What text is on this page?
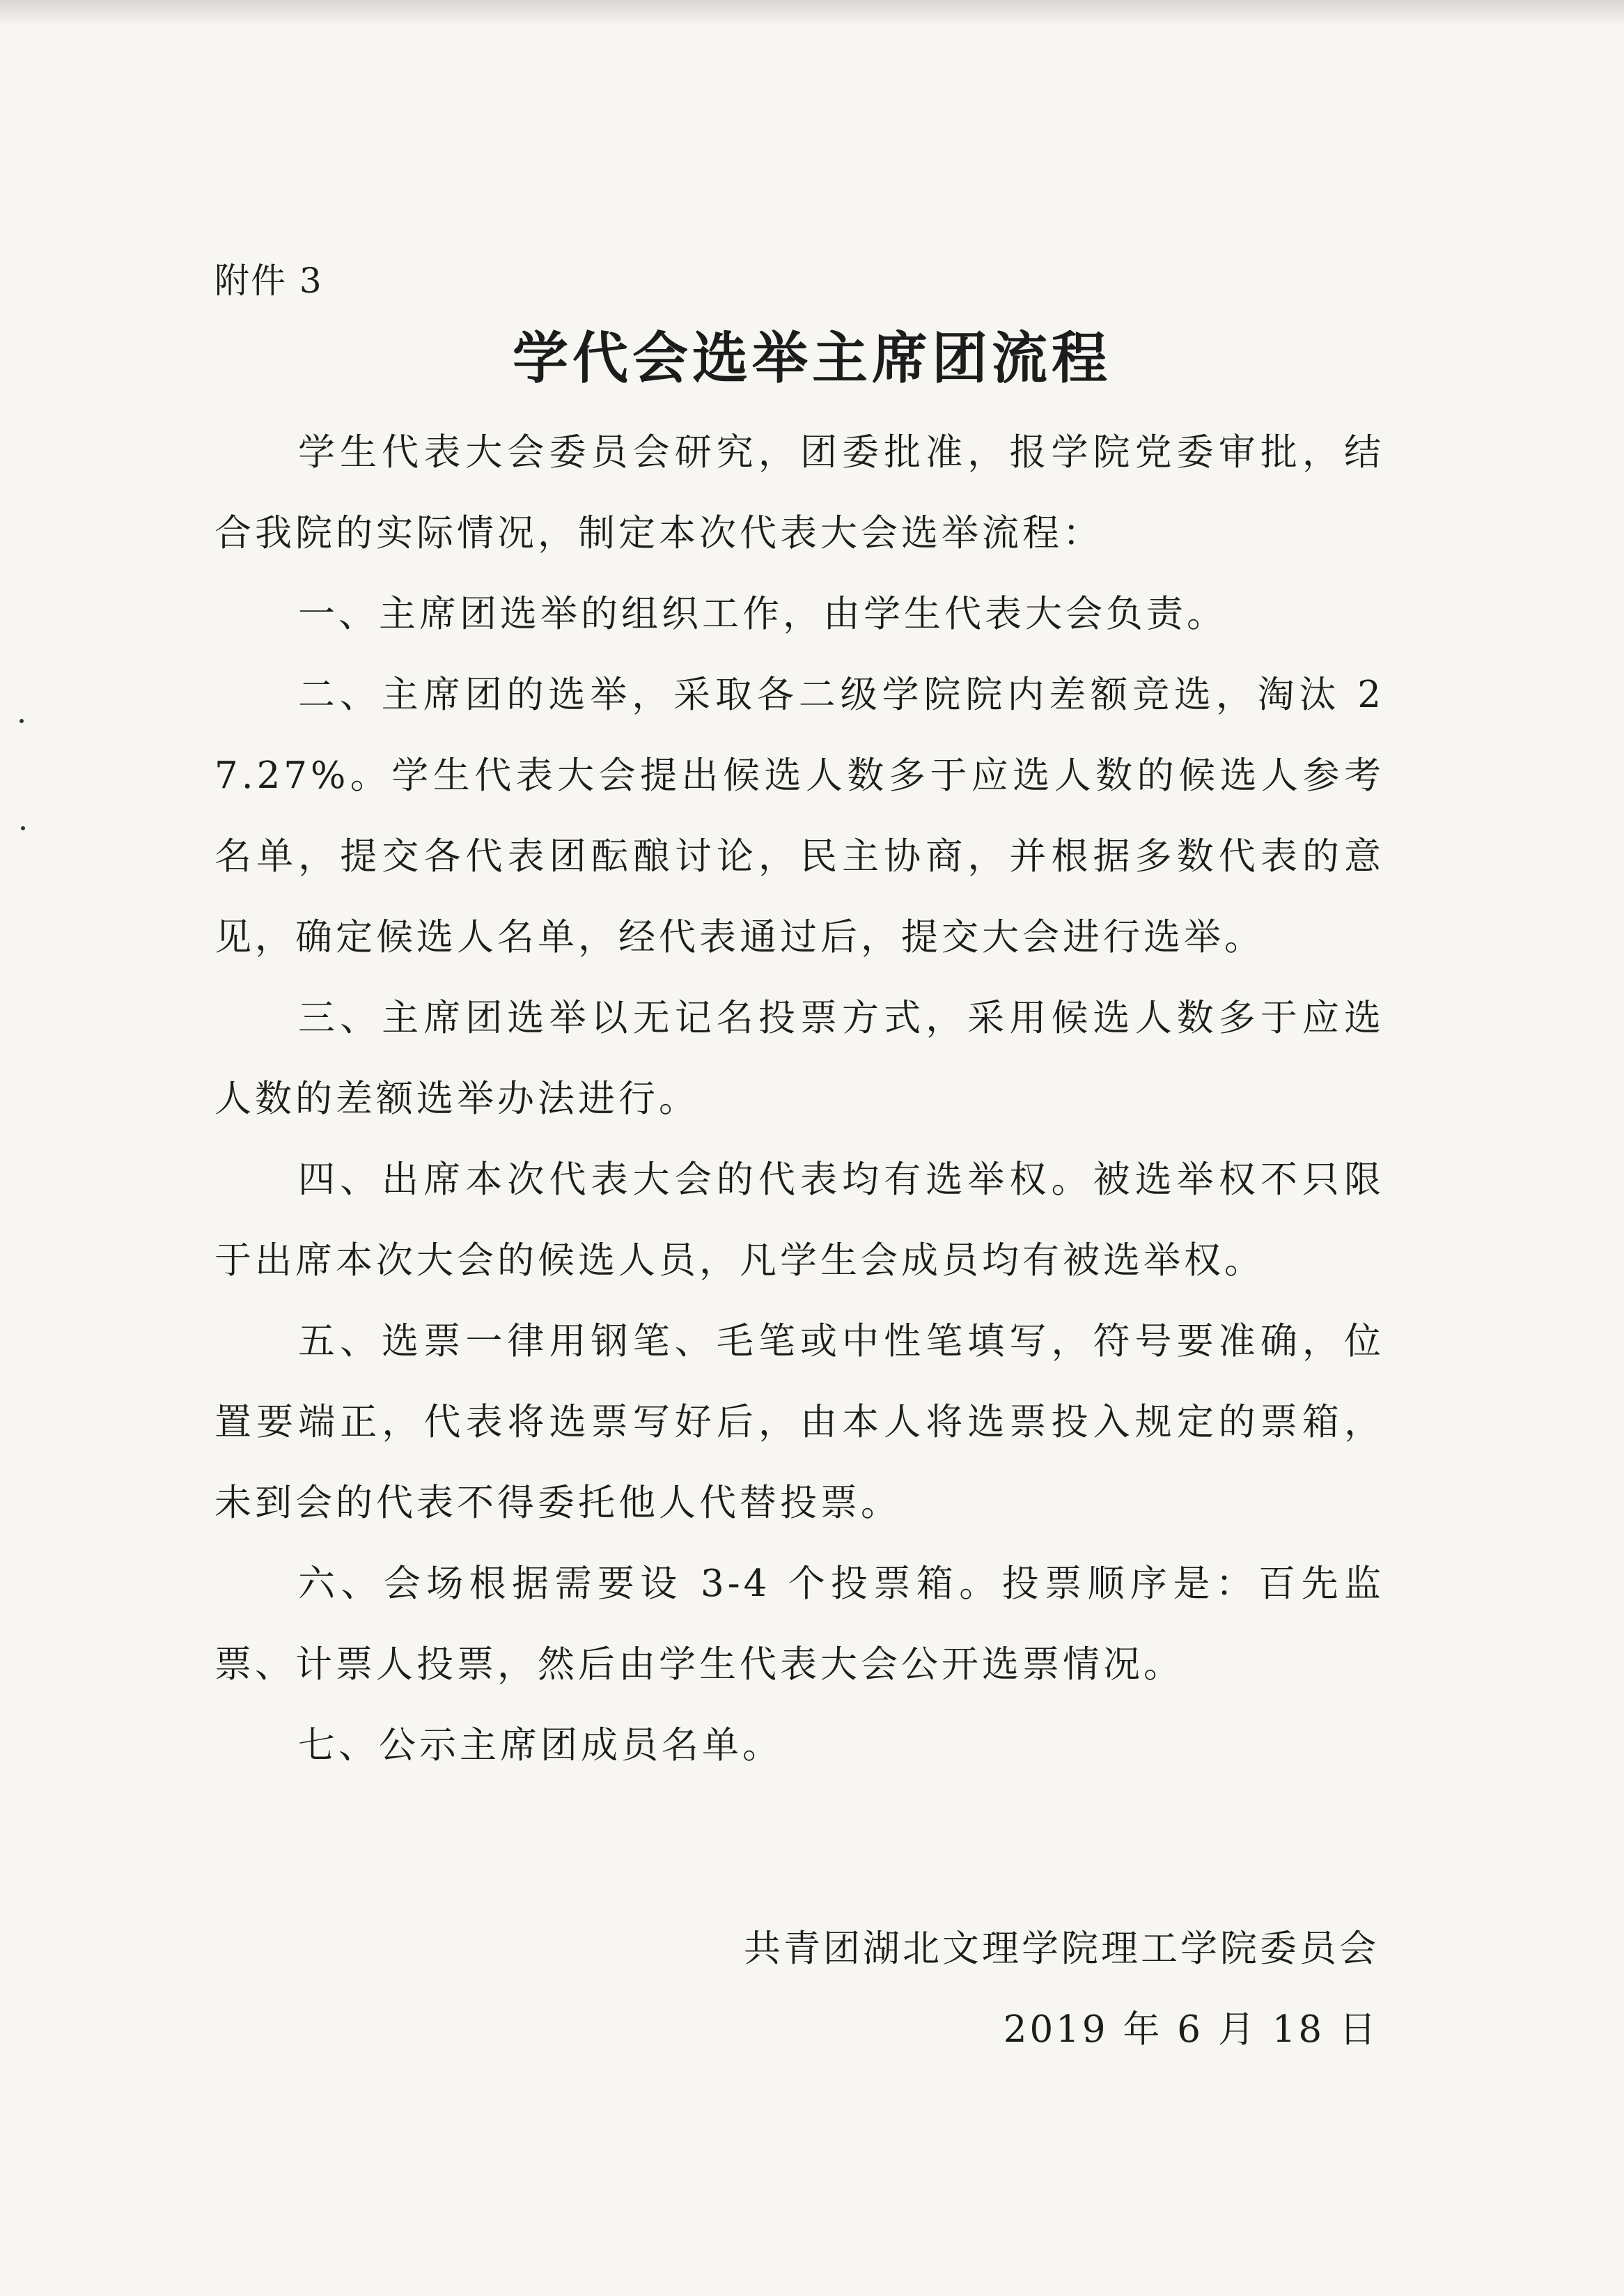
附件 3
学代会选举主席团流程

学生代表大会委员会研究，团委批准，报学院党委审批，结合我院的实际情况，制定本次代表大会选举流程：

一、主席团选举的组织工作，由学生代表大会负责。

二、主席团的选举，采取各二级学院院内差额竞选，淘汰 27.27%。学生代表大会提出候选人数多于应选人数的候选人参考名单，提交各代表团酝酿讨论，民主协商，并根据多数代表的意见，确定候选人名单，经代表通过后，提交大会进行选举。

三、主席团选举以无记名投票方式，采用候选人数多于应选人数的差额选举办法进行。

四、出席本次代表大会的代表均有选举权。被选举权不只限于出席本次大会的候选人员，凡学生会成员均有被选举权。

五、选票一律用钢笔、毛笔或中性笔填写，符号要准确，位置要端正，代表将选票写好后，由本人将选票投入规定的票箱，未到会的代表不得委托他人代替投票。

六、会场根据需要设 3-4 个投票箱。投票顺序是：百先监票、计票人投票，然后由学生代表大会公开选票情况。

七、公示主席团成员名单。

共青团湖北文理学院理工学院委员会
2019 年 6 月 18 日
